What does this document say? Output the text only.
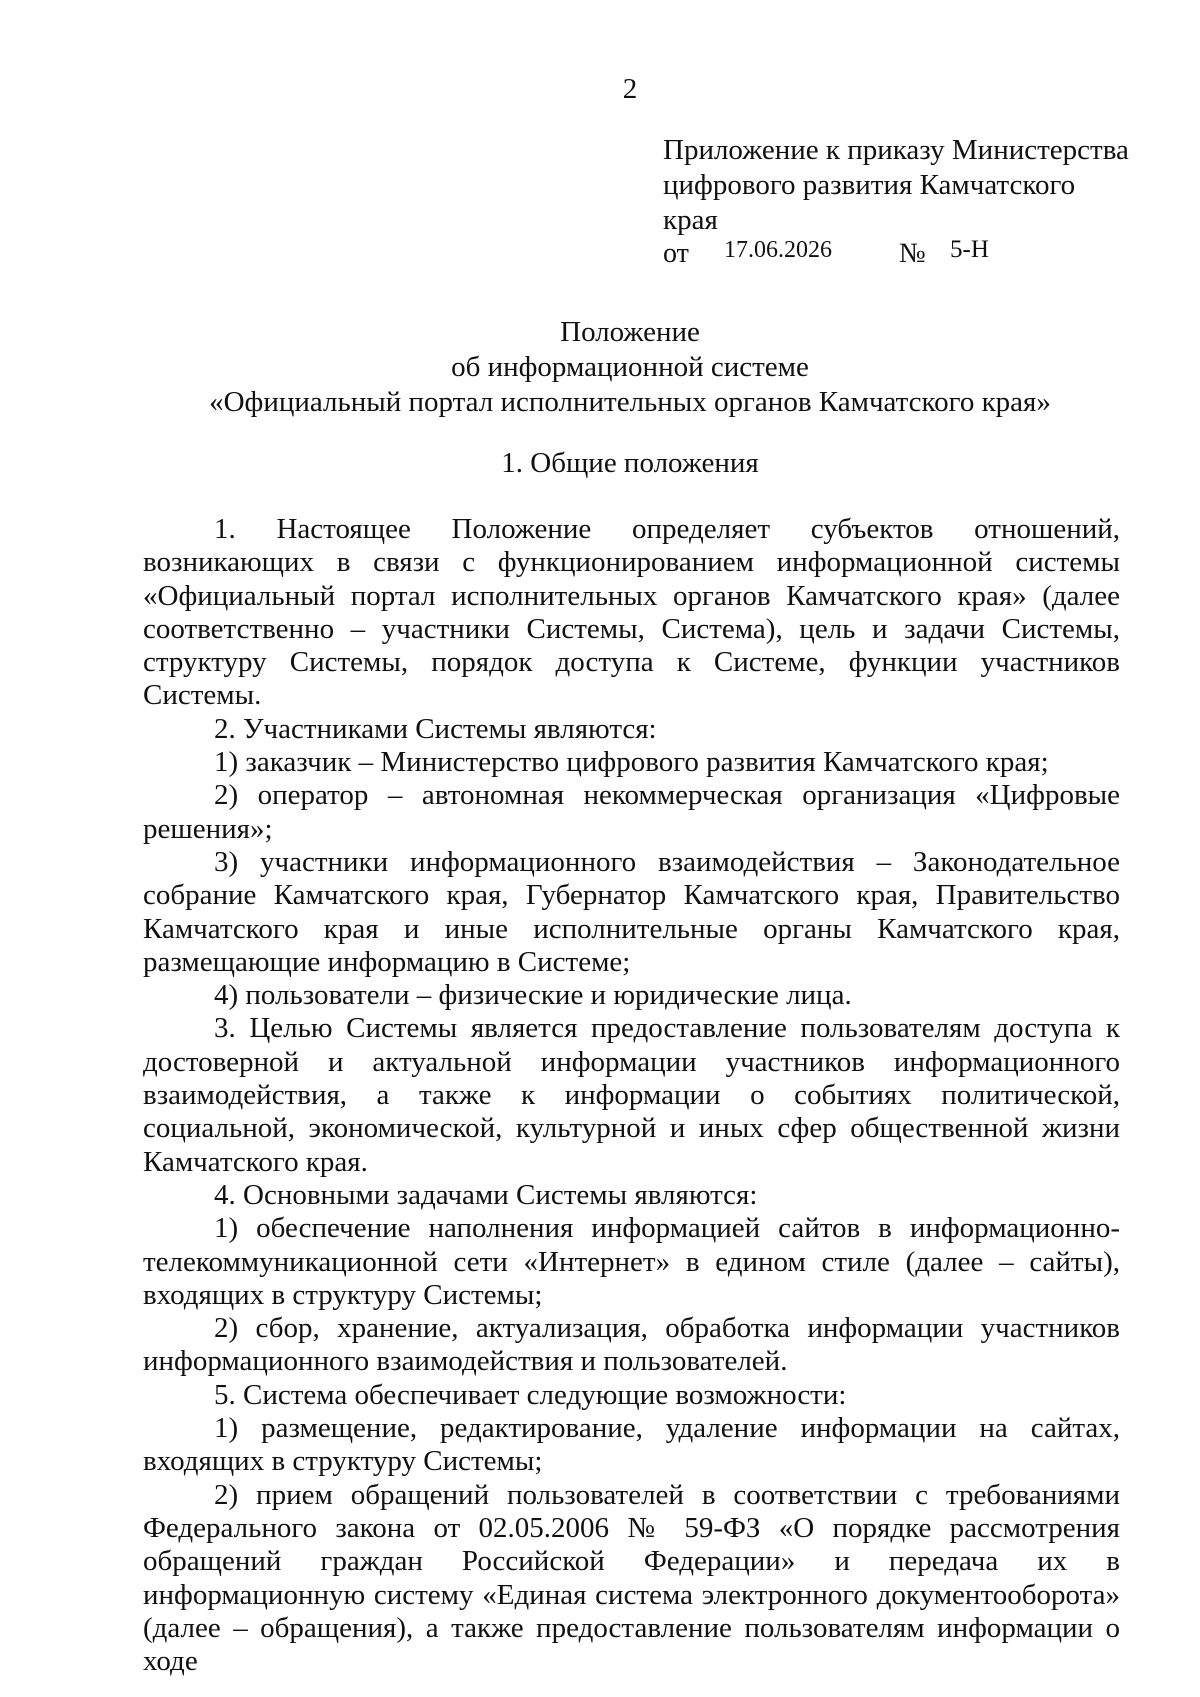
2
Приложение к приказу Министерства
цифрового развития Камчатского
края
от 17.06.2026 № 5-Н
Положение
об информационной системе
«Официальный портал исполнительных органов Камчатского края»
1. Общие положения

1. Настоящее Положение определяет субъектов отношений, возникающих в связи с функционированием информационной системы «Официальный портал исполнительных органов Камчатского края» (далее соответственно – участники Системы, Система), цель и задачи Системы, структуру Системы, порядок доступа к Системе, функции участников Системы.

2. Участниками Системы являются:

1) заказчик – Министерство цифрового развития Камчатского края;

2) оператор – автономная некоммерческая организация «Цифровые решения»;

3) участники информационного взаимодействия – Законодательное собрание Камчатского края, Губернатор Камчатского края, Правительство Камчатского края и иные исполнительные органы Камчатского края, размещающие информацию в Системе;

4) пользователи – физические и юридические лица.

3. Целью Системы является предоставление пользователям доступа к достоверной и актуальной информации участников информационного взаимодействия, а также к информации о событиях политической, социальной, экономической, культурной и иных сфер общественной жизни Камчатского края.

4. Основными задачами Системы являются:

1) обеспечение наполнения информацией сайтов в информационно-телекоммуникационной сети «Интернет» в едином стиле (далее – сайты), входящих в структуру Системы;

2) сбор, хранение, актуализация, обработка информации участников информационного взаимодействия и пользователей.

5. Система обеспечивает следующие возможности:

1) размещение, редактирование, удаление информации на сайтах, входящих в структуру Системы;

2) прием обращений пользователей в соответствии с требованиями Федерального закона от 02.05.2006 № 59-ФЗ «О порядке рассмотрения обращений граждан Российской Федерации» и передача их в информационную систему «Единая система электронного документооборота» (далее – обращения), а также предоставление пользователям информации о ходе
